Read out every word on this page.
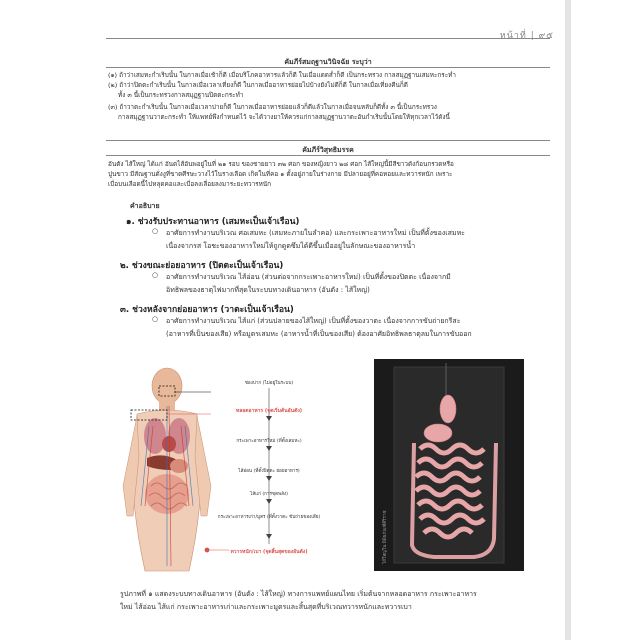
หน้าที่ | ๙๕
คัมภีร์สมฤฐานวินิจฉัย ระบุว่า
(๑) ถ้าว่าเสมหะกำเริบนั้น ในกาลเมื่อเช้าก็ดี เมื่อบริโภคอาหารแล้วก็ดี ในเมื่อแดดส่ำก็ดี เป็นกระทรวง กาลสมุฏฐานเสมหะกระทำ
(๒) ถ้าว่าปิตตะกำเริบนั้น ในกาลเมื่อเวลาเที่ยงก็ดี ในกาลเมื่ออาหารย่อยไปบ้างยังไม่ดีก็ดี ในกาลเมื่อเที่ยงคืนก็ดี
ทั้ง ๓ นี้เป็นกระทรวงกาลสมุฏฐานปิตตะกระทำ
(๓) ถ้าวาตะกำเริบนั้น ในกาลเมื่อเวลาบ่ายก็ดี ในกาลเมื่ออาหารย่อยแล้วก็ดีแล้วในกาลเมื่อจนหลับก็ดีทั้ง ๓ นี้เป็นกระทรวง
กาลสมุฏฐานวาตะกระทำ ให้แพทย์พึงกำหนดไว้ จะได้วางยาให้ควรแก่กาลสมุฏฐานวาตะอันกำเริบนั้นโดยให้ทุกเวลาไว้ดังนี้
คัมภีร์วิสุทธิมรรค
อันตัง ไส้ใหญ่ ได้แก่ อันตไส้อันพอยู่ในที่ ๒๑ รอบ ของชายยาว ๓๒ ศอก ของหญิงยาว ๒๘ ศอก ไส้ใหญ่นี้มีสีขาวดังก้อนกรวดหรือ
ปูนขาว มีสัณฐานดั่งงูที่ขาดศีรษะวางไว้ในรางเลือด เกิดในที่คอ ๑ ตั้งอยู่ภายในร่างกาย มีปลายอยู่ที่คอหอยและทวารหนัก เพราะ
เบื่อบนเลือดนี้ไปหลุดคอและเบื่อลงเลื่อยลงมาระยะทวารหนัก
คำอธิบาย
๑. ช่วงรับประทานอาหาร (เสมหะเป็นเจ้าเรือน)
○ อาศัยการทำงานบริเวณ ศอเสมหะ (เสมหะภายในลำคอ) และกระเพาะอาหารใหม่ เป็นที่ตั้งของเสมหะ
เนื่องจากรส โอชะของอาหารใหม่ให้ถูกดูดซึมได้ดีขึ้นเมื่ออยู่ในลักษณะของอาหารน้ำ
๒. ช่วงขณะย่อยอาหาร (ปิตตะเป็นเจ้าเรือน)
○ อาศัยการทำงานบริเวณ ไส้อ่อน (ส่วนต่อจากกระเพาะอาหารใหม่) เป็นที่ตั้งของปิตตะ เนื่องจากมี
อิทธิพลของธาตุไฟมากที่สุดในระบบทางเดินอาหาร (อันตัง : ไส้ใหญ่)
๓. ช่วงหลังจากย่อยอาหาร (วาตะเป็นเจ้าเรือน)
○ อาศัยการทำงานบริเวณ ไส้แก่ (ส่วนปลายของไส้ใหญ่) เป็นที่ตั้งของวาตะ เนื่องจากการขับถ่ายกรีสะ
(อาหารที่เป็นของเสีย) หรือมูตรเสมหะ (อาหารน้ำที่เป็นของเสีย) ต้องอาศัยอิทธิพลธาตุลมในการขับออก
ช่องปาก (ไม่อยู่ในระบบ)
หลอดอาหาร (จุดเริ่มต้นอันตัง)
กระเพาะอาหารใหม่ (ที่ตั้งเสมหะ)
ไส้อ่อน (ที่ตั้งปิตตะ ย่อยอาหาร)
ไส้แก่ (การขุดพลัง)
กระเพาะอาหารเก่า/มูตร (ที่ตั้งวาตะ ขับถ่ายของเสีย)
ทวารหนัก/เบา (จุดสิ้นสุดของอันตัง)	ไส้ใหญ่ใน พิพิธภัณฑ์ศิริราช
รูปภาพที่ ๑ แสดงระบบทางเดินอาหาร (อันตัง : ไส้ใหญ่) ทางการแพทย์แผนไทย เริ่มต้นจากหลอดอาหาร กระเพาะอาหาร
ใหม่ ไส้อ่อน ไส้แก่ กระเพาะอาหารเก่าและกระเพาะมูตรและสิ้นสุดที่บริเวณทวารหนักและทวารเบา
